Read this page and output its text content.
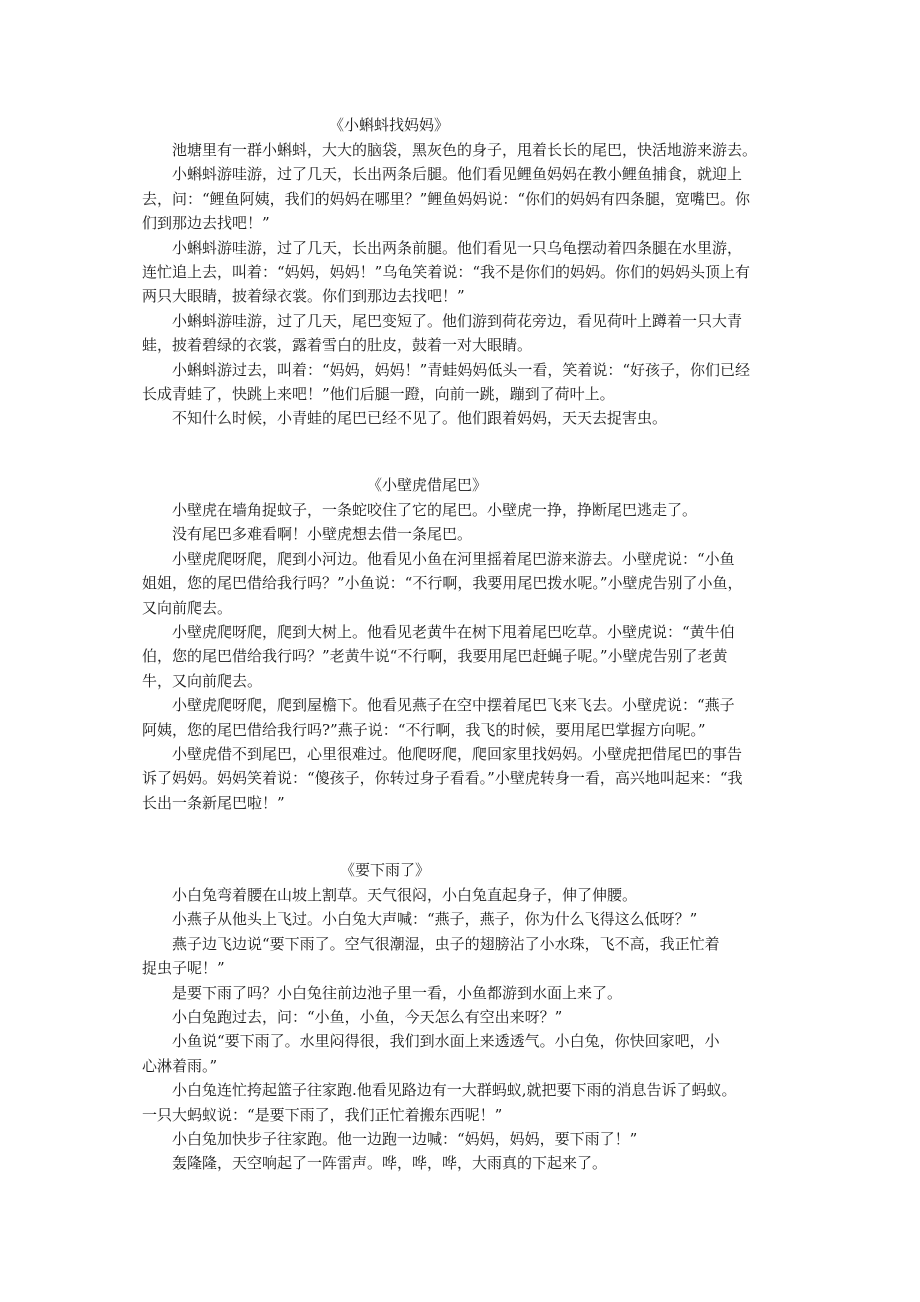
《小蝌蚪找妈妈》

池塘里有一群小蝌蚪，大大的脑袋，黑灰色的身子，甩着长长的尾巴，快活地游来游去。

小蝌蚪游哇游，过了几天，长出两条后腿。他们看见鲤鱼妈妈在教小鲤鱼捕食，就迎上
去，问：“鲤鱼阿姨，我们的妈妈在哪里？”鲤鱼妈妈说：“你们的妈妈有四条腿，宽嘴巴。你
们到那边去找吧！”

小蝌蚪游哇游，过了几天，长出两条前腿。他们看见一只乌龟摆动着四条腿在水里游，
连忙追上去，叫着：“妈妈，妈妈！”乌龟笑着说：“我不是你们的妈妈。你们的妈妈头顶上有
两只大眼睛，披着绿衣裳。你们到那边去找吧！”

小蝌蚪游哇游，过了几天，尾巴变短了。他们游到荷花旁边，看见荷叶上蹲着一只大青
蛙，披着碧绿的衣裳，露着雪白的肚皮，鼓着一对大眼睛。

小蝌蚪游过去，叫着：“妈妈，妈妈！”青蛙妈妈低头一看，笑着说：“好孩子，你们已经
长成青蛙了，快跳上来吧！”他们后腿一蹬，向前一跳，蹦到了荷叶上。

不知什么时候，小青蛙的尾巴已经不见了。他们跟着妈妈，天天去捉害虫。

《小壁虎借尾巴》

小壁虎在墙角捉蚊子，一条蛇咬住了它的尾巴。小壁虎一挣，挣断尾巴逃走了。

没有尾巴多难看啊！小壁虎想去借一条尾巴。

小壁虎爬呀爬，爬到小河边。他看见小鱼在河里摇着尾巴游来游去。小壁虎说：“小鱼
姐姐，您的尾巴借给我行吗？”小鱼说：“不行啊，我要用尾巴拨水呢。”小壁虎告别了小鱼，
又向前爬去。

小壁虎爬呀爬，爬到大树上。他看见老黄牛在树下甩着尾巴吃草。小壁虎说：“黄牛伯
伯，您的尾巴借给我行吗？”老黄牛说“不行啊，我要用尾巴赶蝇子呢。”小壁虎告别了老黄
牛，又向前爬去。

小壁虎爬呀爬，爬到屋檐下。他看见燕子在空中摆着尾巴飞来飞去。小壁虎说：“燕子
阿姨，您的尾巴借给我行吗?”燕子说：“不行啊，我飞的时候，要用尾巴掌握方向呢。”

小壁虎借不到尾巴，心里很难过。他爬呀爬，爬回家里找妈妈。小壁虎把借尾巴的事告
诉了妈妈。妈妈笑着说：“傻孩子，你转过身子看看。”小壁虎转身一看，高兴地叫起来：“我
长出一条新尾巴啦！”

《要下雨了》

小白兔弯着腰在山坡上割草。天气很闷，小白兔直起身子，伸了伸腰。

小燕子从他头上飞过。小白兔大声喊：“燕子，燕子，你为什么飞得这么低呀？”

燕子边飞边说“要下雨了。空气很潮湿，虫子的翅膀沾了小水珠，飞不高，我正忙着
捉虫子呢！”

是要下雨了吗？小白兔往前边池子里一看，小鱼都游到水面上来了。

小白兔跑过去，问：“小鱼，小鱼，今天怎么有空出来呀？”

小鱼说“要下雨了。水里闷得很，我们到水面上来透透气。小白兔，你快回家吧，小
心淋着雨。”

小白兔连忙挎起篮子往家跑.他看见路边有一大群蚂蚁,就把要下雨的消息告诉了蚂蚁。
一只大蚂蚁说：“是要下雨了，我们正忙着搬东西呢！”

小白兔加快步子往家跑。他一边跑一边喊：“妈妈，妈妈，要下雨了！”

轰隆隆，天空响起了一阵雷声。哗，哗，哗，大雨真的下起来了。
